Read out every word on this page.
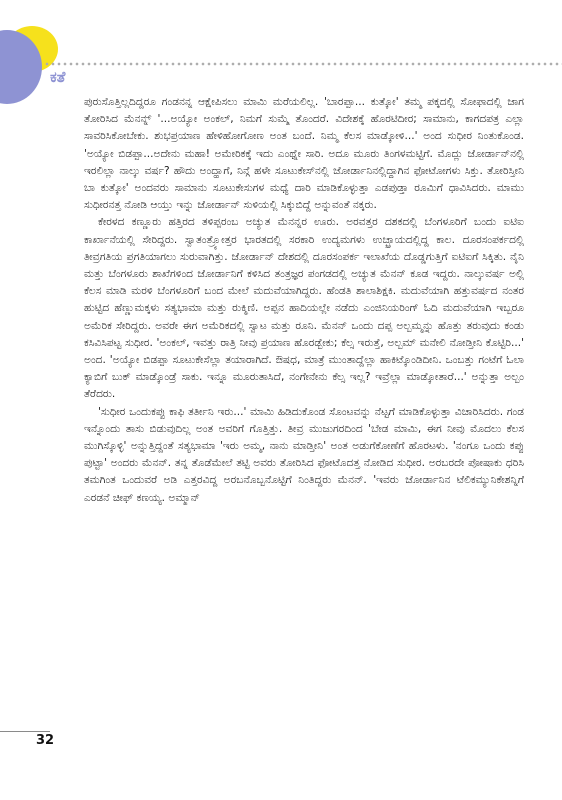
ಕತೆ

ಪುರುಸೊತ್ತಿಲ್ಲದಿದ್ದರೂ ಗಂಡನನ್ನ ಆಕ್ಷೇಪಿಸಲು ಮಾಮಿ ಮರೆಯಲಿಲ್ಲ. 'ಬಾರಪ್ಪಾ... ಕುತ್ಕೋ' ತಮ್ಮ ಪಕ್ಕದಲ್ಲಿ ಸೋಫಾದಲ್ಲಿ ಜಾಗ ತೋರಿಸಿದ ಮೆನನ್ನ್ '...ಅಯ್ಯೋ ಅಂಕಲ್, ನಿಮಗೆ ಸುಮ್ಮೆ ತೊಂದರೆ. ವಿದೇಶಕ್ಕೆ ಹೊರಟಿದೀರ; ಸಾಮಾನು, ಕಾಗದಪತ್ರ ಎಲ್ಲಾ ಸಾವರಿಸಿಕೋಬೇಕು. ಶುಭಪ್ರಯಾಣ ಹೇಳಿಹೋಗೋಣ ಅಂತ ಬಂದೆ. ನಿಮ್ಮ ಕೆಲಸ ಮಾಡ್ಕೋಳಿ...' ಅಂದ ಸುಧೀರ ನಿಂತುಕೊಂಡ. 'ಅಯ್ಯೋ ಬಿಡಪ್ಪಾ...ಅದೇನು ಮಹಾ! ಅಮೇರಿಕಕ್ಕೆ ಇದು ಎಂಥ್ನೇ ಸಾರಿ. ಅದೂ ಮೂರು ತಿಂಗಳಮಟ್ಟಿಗೆ. ಮೊದ್ಲು ಜೋರ್ಡಾನ್‌ನಲ್ಲಿ ಇರಲಿಲ್ಲಾ ನಾಲ್ಕು ವರ್ಷ? ಹೌದು ಅಂದ್ಹಾಗೆ, ನಿನ್ಗೆ ಹಳೇ ಸೂಟುಕೇಸ್‌ನಲ್ಲಿ ಜೋರ್ಡಾನಿನಲ್ಲಿದ್ದಾಗಿನ ಫೋಟೋಗಳು ಸಿಕ್ತು. ತೋರಿಸ್ತೀನಿ ಬಾ ಕುತ್ಕೋ' ಅಂದವರು ಸಾಮಾನು ಸೂಟುಕೇಸುಗಳ ಮಧ್ಯೆ ದಾರಿ ಮಾಡಿಕೊಳ್ಳುತ್ತಾ ಎಡಪುಡ್ತಾ ರೂಮಿಗೆ ಧಾವಿಸಿದರು. ಮಾಮು ಸುಧೀರನತ್ತ ನೋಡಿ ಆಯ್ತು ಇನ್ನು ಜೋರ್ಡಾನ್ ಸುಳಿಯಲ್ಲಿ ಸಿಕ್ಕುಬಿದ್ದೆ ಅನ್ನುವಂತೆ ನಕ್ಕರು.

ಕೇರಳದ ಕಣ್ಣೂರು ಹತ್ತಿರದ ತಳಿಪ್ಪರಂಬ ಅಚ್ಯುತ ಮೆನನ್ನರ ಊರು. ಅರವತ್ತರ ದಶಕದಲ್ಲಿ ಬೆಂಗಳೂರಿಗೆ ಬಂದು ಐಟಿಐ ಕಾರ್ಖಾನೆಯಲ್ಲಿ ಸೇರಿದ್ದರು. ಸ್ವಾತಂತ್ರ್ಯೋತ್ತರ ಭಾರತದಲ್ಲಿ ಸರಕಾರಿ ಉದ್ಯಮಗಳು ಉಚ್ಛ್ರಾಯದಲ್ಲಿದ್ದ ಕಾಲ. ದೂರಸಂಪರ್ಕದಲ್ಲಿ ತೀವ್ರಗತಿಯ ಪ್ರಗತಿಯಾಗಲು ಸುರುವಾಗಿತ್ತು. ಜೋರ್ಡಾನ್ ದೇಶದಲ್ಲಿ ದೂರಸಂಪರ್ಕ ಇಲಾಖೆಯ ದೊಡ್ಡಗುತ್ತಿಗೆ ಐಟಿಐಗೆ ಸಿಕ್ಕಿತು. ನೈನಿ ಮತ್ತು ಬೆಂಗಳೂರು ಶಾಖೆಗಳಿಂದ ಜೋರ್ಡಾನಿಗೆ ಕಳಿಸಿದ ತಂತ್ರಜ್ಞರ ಪಂಗಡದಲ್ಲಿ ಅಚ್ಯುತ ಮೆನನ್ ಕೂಡ ಇದ್ದರು. ನಾಲ್ಕುವರ್ಷ ಅಲ್ಲಿ ಕೆಲಸ ಮಾಡಿ ಮರಳಿ ಬೆಂಗಳೂರಿಗೆ ಬಂದ ಮೇಲೆ ಮದುವೆಯಾಗಿದ್ದರು. ಹೆಂಡತಿ ಶಾಲಾಶಿಕ್ಷಕಿ. ಮದುವೆಯಾಗಿ ಹತ್ತುವರ್ಷದ ನಂತರ ಹುಟ್ಟಿದ ಹೆಣ್ಣುಮಕ್ಕಳು ಸತ್ಯಭಾಮಾ ಮತ್ತು ರುಕ್ಮಿಣಿ. ಅಪ್ಪನ ಹಾದಿಯಲ್ಲೇ ನಡೆದು ಎಂಜಿನಿಯರಿಂಗ್ ಓದಿ ಮದುವೆಯಾಗಿ ಇಬ್ಬರೂ ಅಮೆರಿಕ ಸೇರಿದ್ದರು. ಅವರೇ ಈಗ ಅಮೆರಿಕದಲ್ಲಿ ಸ್ವಾಟ ಮತ್ತು ರೂನಿ. ಮೆನನ್ ಒಂದು ದಪ್ಪ ಅಲ್ಬಮ್ಮನ್ನು ಹೊತ್ತು ತರುವುದು ಕಂಡು ಕಸಿವಿಸಿಪಟ್ಟ ಸುಧೀರ. 'ಅಂಕಲ್, ಇವತ್ತು ರಾತ್ರಿ ನೀವು ಪ್ರಯಾಣ ಹೊರಡ್ಬೇಕು; ಕೆಲ್ಸ ಇರುತ್ತೆ, ಅಲ್ಬಮ್ ಮನೇಲಿ ನೋಡ್ತೀನಿ ಕೊಟ್ಟಿರಿ...' ಅಂದ. 'ಅಯ್ಯೋ ಬಿಡಪ್ಪಾ ಸೂಟುಕೇಸೆಲ್ಲಾ ತಯಾರಾಗಿದೆ. ಔಷಧ, ಮಾತ್ರೆ ಮುಂತಾದ್ದೆಲ್ಲಾ ಹಾಕಿಟ್ಕೊಂಡಿದೀನಿ. ಒಂಬತ್ತು ಗಂಟೆಗೆ ಓಲಾ ಕ್ಯಾಬಿಗೆ ಬುಕ್ ಮಾಡ್ಕೊಂಡ್ರೆ ಸಾಕು. ಇನ್ನೂ ಮೂರುತಾಸಿದೆ, ನಂಗೇನೇನು ಕೆಲ್ಸ ಇಲ್ಲ? ಇವ್ರೆಲ್ಲಾ ಮಾಡ್ಕೋತಾರೆ...' ಅನ್ನುತ್ತಾ ಅಲ್ಬಂ ತೆರೆದರು.

'ಸುಧೀರ ಒಂದುಕಪ್ಪು ಕಾಫಿ ತರ್ತೀನಿ ಇರು...' ಮಾಮಿ ಹಿಡಿದುಕೊಂಡ ಸೊಂಟವನ್ನು ನೆಟ್ಟಗೆ ಮಾಡಿಕೊಳ್ಳುತ್ತಾ ವಿಚಾರಿಸಿದರು. ಗಂಡ ಇನ್ನೊಂದು ತಾಸು ಬಿಡುವುದಿಲ್ಲ ಅಂತ ಅವರಿಗೆ ಗೊತ್ತಿತ್ತು. ತೀವ್ರ ಮುಜುಗರದಿಂದ 'ಬೇಡ ಮಾಮಿ, ಈಗ ನೀವು ಮೊದಲು ಕೆಲಸ ಮುಗಿಸ್ಕೊಳ್ಳಿ' ಅನ್ನುತ್ತಿದ್ದಂತೆ ಸತ್ಯಭಾಮಾ 'ಇರು ಅಮ್ಮ, ನಾನು ಮಾಡ್ತೀನಿ' ಅಂತ ಅಡುಗೆಕೋಣೆಗೆ ಹೊರಟಳು. 'ನಂಗೂ ಒಂದು ಕಪ್ಪು ಪುಟ್ಟಾ' ಅಂದರು ಮೆನನ್. ತನ್ನ ತೊಡೆಮೇಲೆ ತಟ್ಟಿ ಅವರು ತೋರಿಸಿದ ಫೋಟೊದತ್ತ ನೋಡಿದ ಸುಧೀರ. ಅರಬರದೇ ಪೋಷಾಕು ಧರಿಸಿ ತಮಗಿಂತ ಒಂದುವರೆ ಅಡಿ ಎತ್ತರವಿದ್ದ ಅರಬನೊಬ್ಬನೊಟ್ಟಿಗೆ ನಿಂತಿದ್ದರು ಮೆನನ್. 'ಇವರು ಜೋರ್ಡಾನಿನ ಟೆಲಿಕಮ್ಯುನಿಕೇಶನ್ನಿಗೆ ಎರಡನೆ ಚೀಫ್ ಕಣಯ್ಯ. ಅಮ್ಮಾನ್

32
